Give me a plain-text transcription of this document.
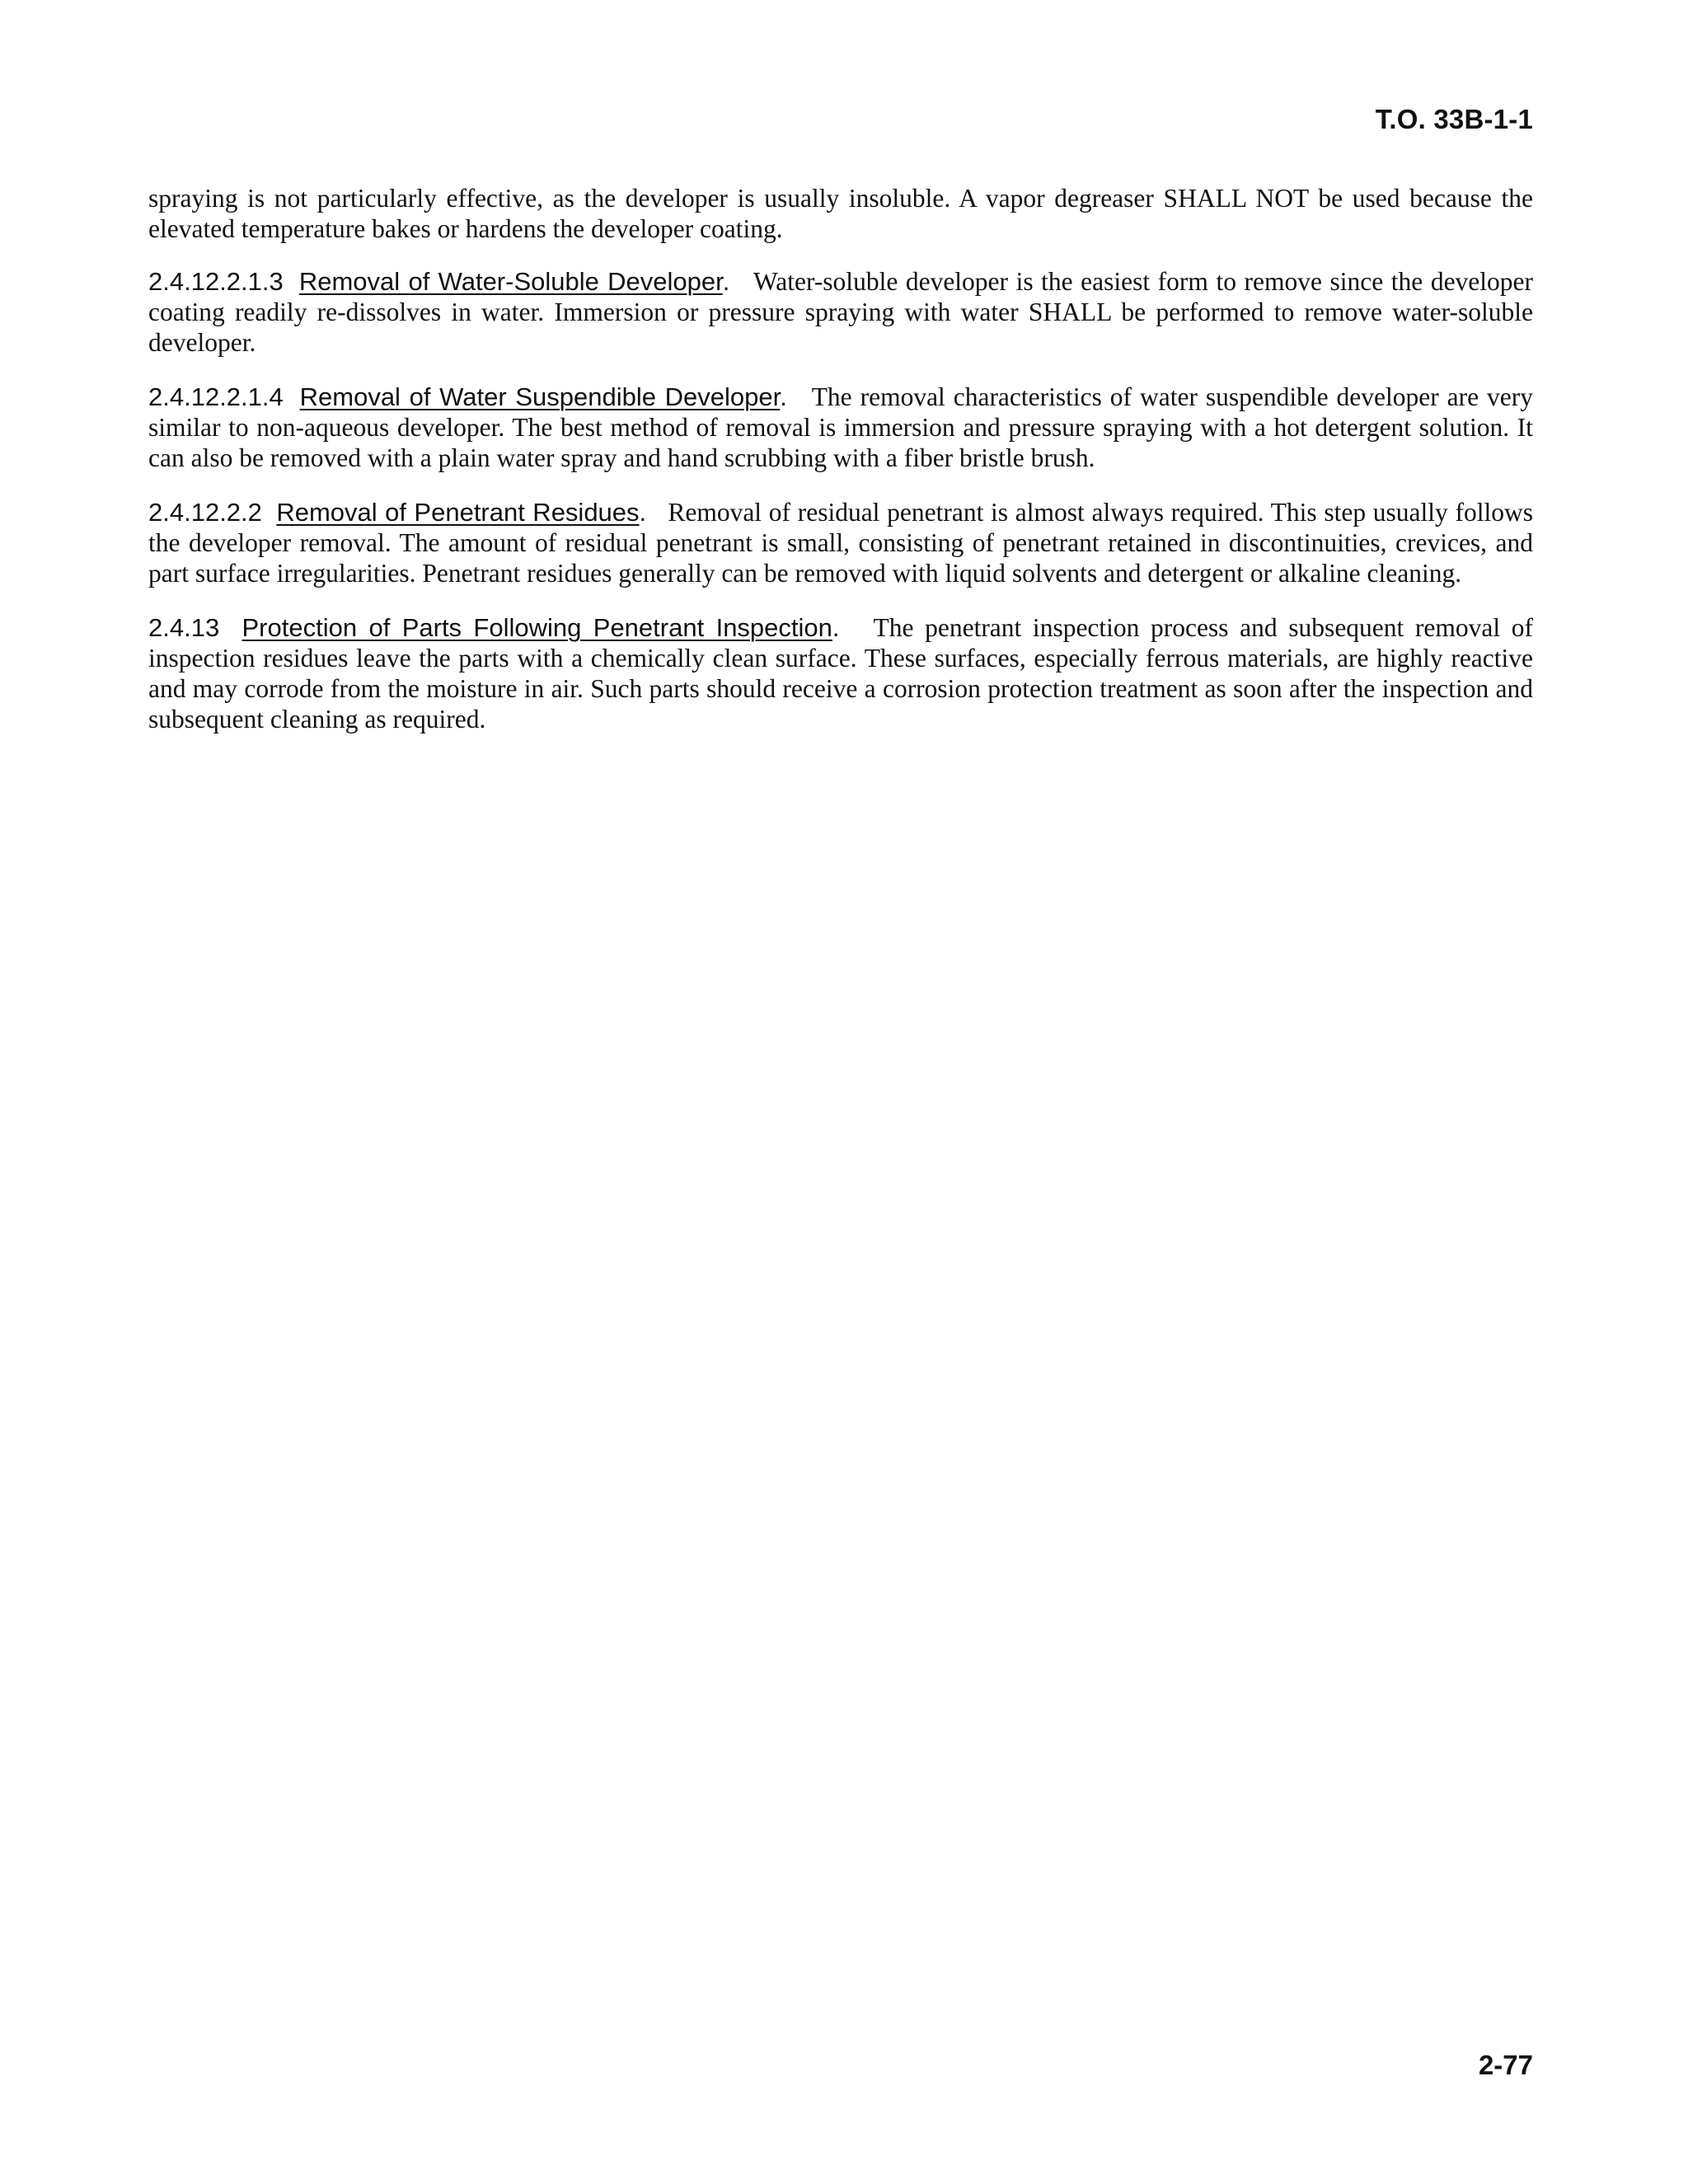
T.O. 33B-1-1

spraying is not particularly effective, as the developer is usually insoluble. A vapor degreaser SHALL NOT be used because the elevated temperature bakes or hardens the developer coating.

2.4.12.2.1.3 Removal of Water-Soluble Developer. Water-soluble developer is the easiest form to remove since the developer coating readily re-dissolves in water. Immersion or pressure spraying with water SHALL be performed to remove water-soluble developer.

2.4.12.2.1.4 Removal of Water Suspendible Developer. The removal characteristics of water suspendible developer are very similar to non-aqueous developer. The best method of removal is immersion and pressure spraying with a hot detergent solution. It can also be removed with a plain water spray and hand scrubbing with a fiber bristle brush.

2.4.12.2.2 Removal of Penetrant Residues. Removal of residual penetrant is almost always required. This step usually follows the developer removal. The amount of residual penetrant is small, consisting of penetrant retained in discontinuities, crevices, and part surface irregularities. Penetrant residues generally can be removed with liquid solvents and detergent or alkaline cleaning.

2.4.13 Protection of Parts Following Penetrant Inspection. The penetrant inspection process and subsequent removal of inspection residues leave the parts with a chemically clean surface. These surfaces, especially ferrous materials, are highly reactive and may corrode from the moisture in air. Such parts should receive a corrosion protection treatment as soon after the inspection and subsequent cleaning as required.

2-77
